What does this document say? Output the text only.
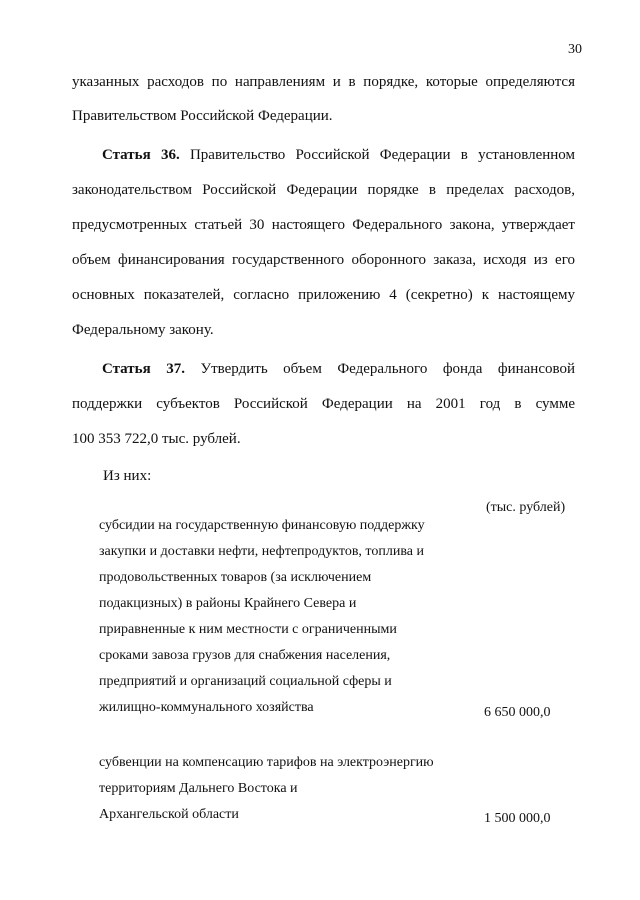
30
указанных расходов по направлениям и в порядке, которые определяются
Правительством Российской Федерации.
Статья 36. Правительство Российской Федерации в установленном
законодательством Российской Федерации порядке в пределах расходов,
предусмотренных статьей 30 настоящего Федерального закона, утверждает
объем финансирования государственного оборонного заказа, исходя из его
основных показателей, согласно приложению 4 (секретно) к настоящему
Федеральному закону.
Статья 37. Утвердить объем Федерального фонда финансовой
поддержки субъектов Российской Федерации на 2001 год в сумме
100 353 722,0 тыс. рублей.
Из них:
(тыс. рублей)
субсидии на государственную финансовую поддержку
закупки и доставки нефти, нефтепродуктов, топлива и
продовольственных товаров (за исключением
подакцизных) в районы Крайнего Севера и
приравненные к ним местности с ограниченными
сроками завоза грузов для снабжения населения,
предприятий и организаций социальной сферы и
жилищно-коммунального хозяйства	6 650 000,0
субвенции на компенсацию тарифов на электроэнергию
территориям Дальнего Востока и
Архангельской области	1 500 000,0
